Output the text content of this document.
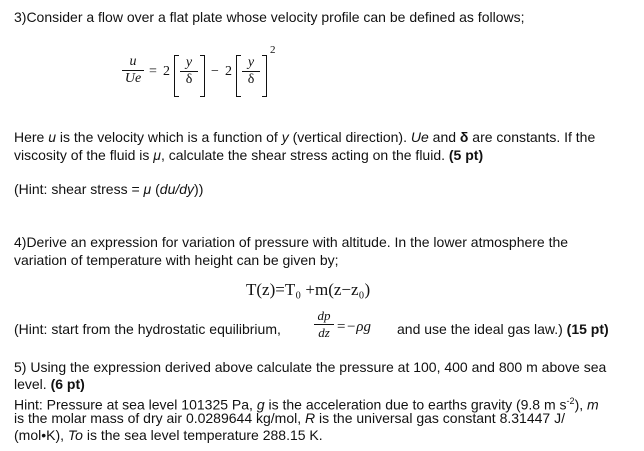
3)Consider a flow over a flat plate whose velocity profile can be defined as follows;

u
Ue = 2
y
δ
− 2
y
δ
2

Here u is the velocity which is a function of y (vertical direction). Ue and δ are constants. If the

viscosity of the fluid is μ, calculate the shear stress acting on the fluid. (5 pt)

(Hint: shear stress = μ (du/dy))

4)Derive an expression for variation of pressure with altitude. In the lower atmosphere the

variation of temperature with height can be given by;

T(z)=T₀ +m(z−z₀)

(Hint: start from the hydrostatic equilibrium,

dp
dz =−ρg and use the ideal gas law.) (15 pt)

5) Using the expression derived above calculate the pressure at 100, 400 and 800 m above sea

level. (6 pt)

Hint: Pressure at sea level 101325 Pa, g is the acceleration due to earths gravity (9.8 m $s^{-2}$), m

is the molar mass of dry air 0.0289644 kg/mol, R is the universal gas constant 8.31447 J/

(mol•K), To is the sea level temperature 288.15 K.
